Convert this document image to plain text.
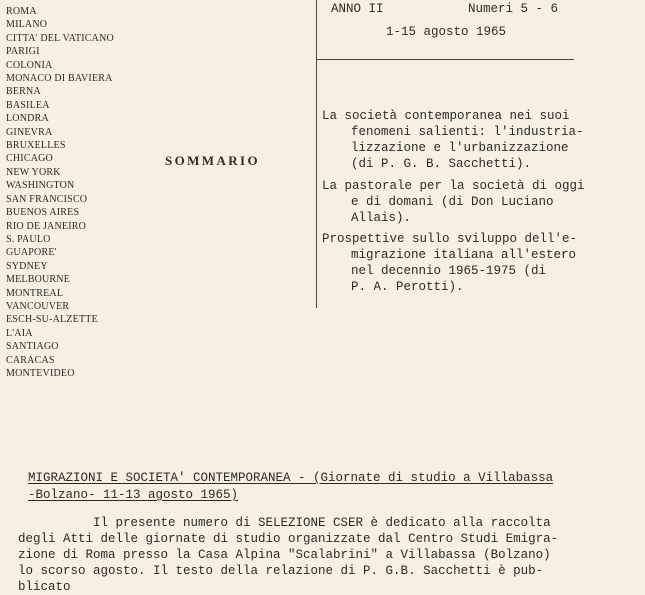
ROMA
MILANO
CITTA' DEL VATICANO
PARIGI
COLONIA
MONACO DI BAVIERA
BERNA
BASILEA
LONDRA
GINEVRA
BRUXELLES
CHICAGO
NEW YORK
WASHINGTON
SAN FRANCISCO
BUENOS AIRES
RIO DE JANEIRO
S. PAULO
GUAPORE'
SYDNEY
MELBOURNE
MONTREAL
VANCOUVER
ESCH-SU-ALZETTE
L'AIA
SANTIAGO
CARACAS
MONTEVIDEO
SOMMARIO
ANNO II	Numeri 5 - 6
1-15 agosto 1965
La società contemporanea nei suoi
fenomeni salienti: l'industria-
lizzazione e l'urbanizzazione
(di P. G. B. Sacchetti).
La pastorale per la società di oggi
e di domani (di Don Luciano
Allais).
Prospettive sullo sviluppo dell'e-
migrazione italiana all'estero
nel decennio 1965-1975 (di
P. A. Perotti).
MIGRAZIONI E SOCIETA' CONTEMPORANEA - (Giornate di studio a Villabassa
-Bolzano- 11-13 agosto 1965)
Il presente numero di SELEZIONE CSER è dedicato alla raccolta
degli Atti delle giornate di studio organizzate dal Centro Studi Emigra-
zione di Roma presso la Casa Alpina "Scalabrini" a Villabassa (Bolzano)
lo scorso agosto. Il testo della relazione di P. G.B. Sacchetti è pub-
blicato
